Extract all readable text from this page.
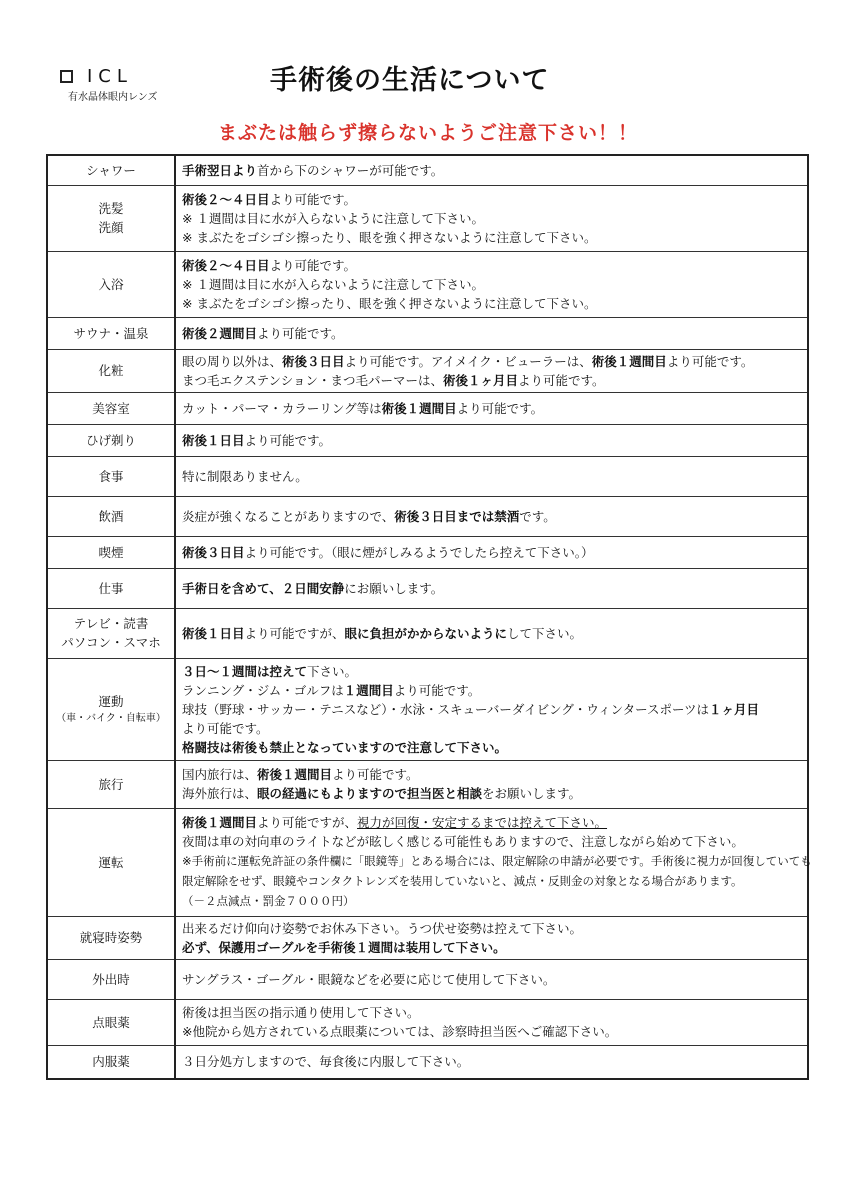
ICL
有水晶体眼内レンズ
手術後の生活について
まぶたは触らず擦らないようご注意下さい！！
シャワー	手術翌日より首から下のシャワーが可能です。

洗髪
洗顔	術後２～４日目より可能です。
※ １週間は目に水が入らないように注意して下さい。
※ まぶたをゴシゴシ擦ったり、眼を強く押さないように注意して下さい。

入浴	術後２～４日目より可能です。
※ １週間は目に水が入らないように注意して下さい。
※ まぶたをゴシゴシ擦ったり、眼を強く押さないように注意して下さい。

サウナ・温泉	術後２週間目より可能です。

化粧	眼の周り以外は、術後３日目より可能です。アイメイク・ビューラーは、術後１週間目より可能です。
まつ毛エクステンション・まつ毛パーマーは、術後１ヶ月目より可能です。

美容室	カット・パーマ・カラーリング等は術後１週間目より可能です。

ひげ剃り	術後１日目より可能です。

食事	特に制限ありません。

飲酒	炎症が強くなることがありますので、術後３日目までは禁酒です。

喫煙	術後３日目より可能です。（眼に煙がしみるようでしたら控えて下さい。）

仕事	手術日を含めて、２日間安静にお願いします。

テレビ・読書
パソコン・スマホ	術後１日目より可能ですが、眼に負担がかからないようにして下さい。

運動
（車・バイク・自転車）	３日～１週間は控えて下さい。
ランニング・ジム・ゴルフは１週間目より可能です。
球技（野球・サッカー・テニスなど）・水泳・スキューバーダイビング・ウィンタースポーツは１ヶ月目
より可能です。
格闘技は術後も禁止となっていますので注意して下さい。

旅行	国内旅行は、術後１週間目より可能です。
海外旅行は、眼の経過にもよりますので担当医と相談をお願いします。

運転	術後１週間目より可能ですが、視力が回復・安定するまでは控えて下さい。
夜間は車の対向車のライトなどが眩しく感じる可能性もありますので、注意しながら始めて下さい。
※手術前に運転免許証の条件欄に「眼鏡等」とある場合には、限定解除の申請が必要です。手術後に視力が回復していても
限定解除をせず、眼鏡やコンタクトレンズを装用していないと、減点・反則金の対象となる場合があります。
（－２点減点・罰金７０００円）

就寝時姿勢	出来るだけ仰向け姿勢でお休み下さい。うつ伏せ姿勢は控えて下さい。
必ず、保護用ゴーグルを手術後１週間は装用して下さい。

外出時	サングラス・ゴーグル・眼鏡などを必要に応じて使用して下さい。

点眼薬	術後は担当医の指示通り使用して下さい。
※他院から処方されている点眼薬については、診察時担当医へご確認下さい。

内服薬	３日分処方しますので、毎食後に内服して下さい。
